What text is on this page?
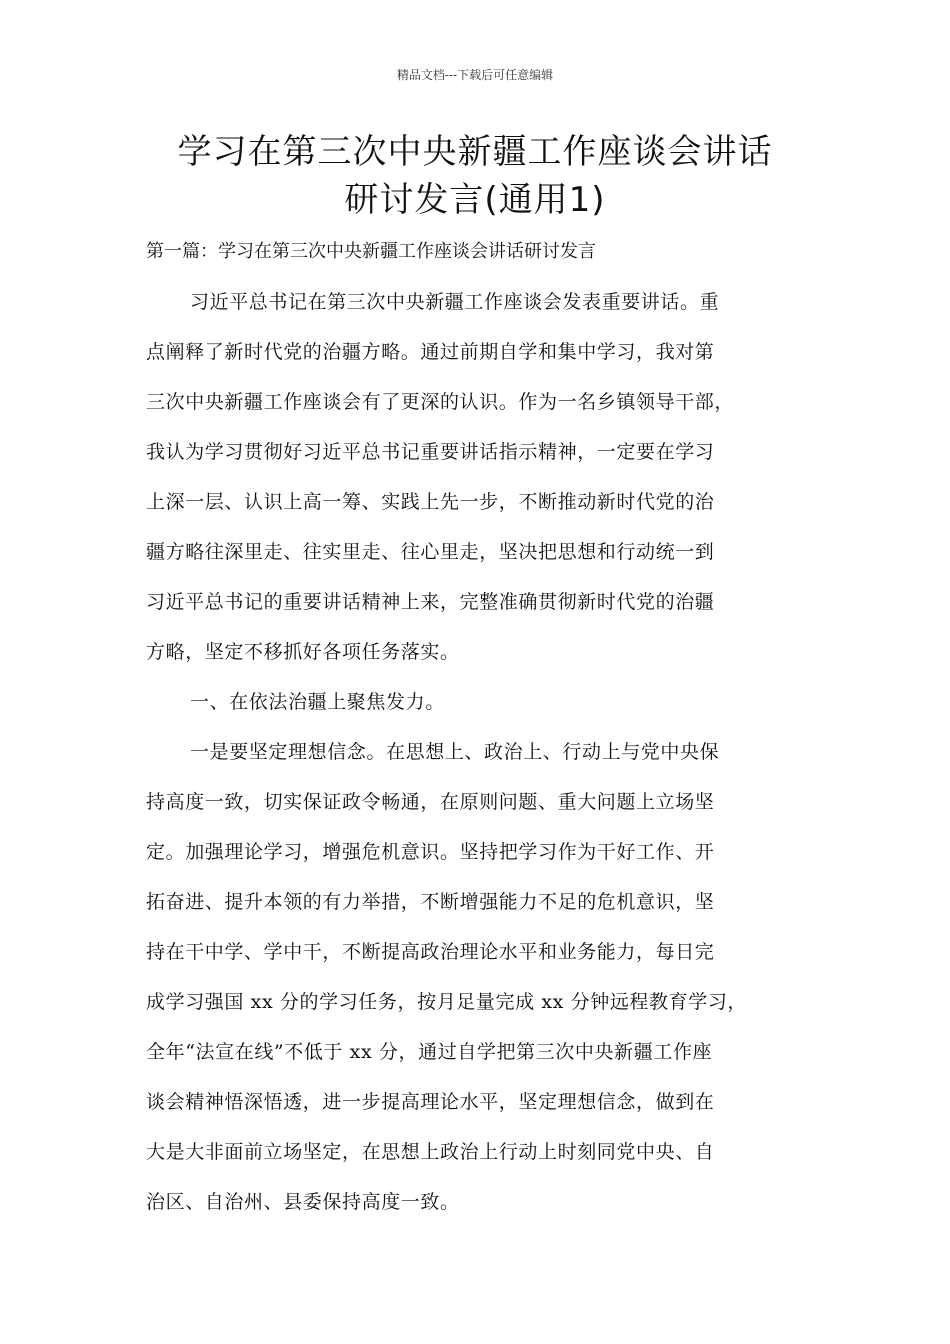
精品文档---下载后可任意编辑
学习在第三次中央新疆工作座谈会讲话
研讨发言(通用1)
第一篇：学习在第三次中央新疆工作座谈会讲话研讨发言
习近平总书记在第三次中央新疆工作座谈会发表重要讲话。重
点阐释了新时代党的治疆方略。通过前期自学和集中学习，我对第
三次中央新疆工作座谈会有了更深的认识。作为一名乡镇领导干部，
我认为学习贯彻好习近平总书记重要讲话指示精神，一定要在学习
上深一层、认识上高一筹、实践上先一步，不断推动新时代党的治
疆方略往深里走、往实里走、往心里走，坚决把思想和行动统一到
习近平总书记的重要讲话精神上来，完整准确贯彻新时代党的治疆
方略，坚定不移抓好各项任务落实。
一、在依法治疆上聚焦发力。
一是要坚定理想信念。在思想上、政治上、行动上与党中央保
持高度一致，切实保证政令畅通，在原则问题、重大问题上立场坚
定。加强理论学习，增强危机意识。坚持把学习作为干好工作、开
拓奋进、提升本领的有力举措，不断增强能力不足的危机意识，坚
持在干中学、学中干，不断提高政治理论水平和业务能力，每日完
成学习强国 xx 分的学习任务，按月足量完成 xx 分钟远程教育学习，
全年“法宣在线”不低于 xx 分，通过自学把第三次中央新疆工作座
谈会精神悟深悟透，进一步提高理论水平，坚定理想信念，做到在
大是大非面前立场坚定，在思想上政治上行动上时刻同党中央、自
治区、自治州、县委保持高度一致。
